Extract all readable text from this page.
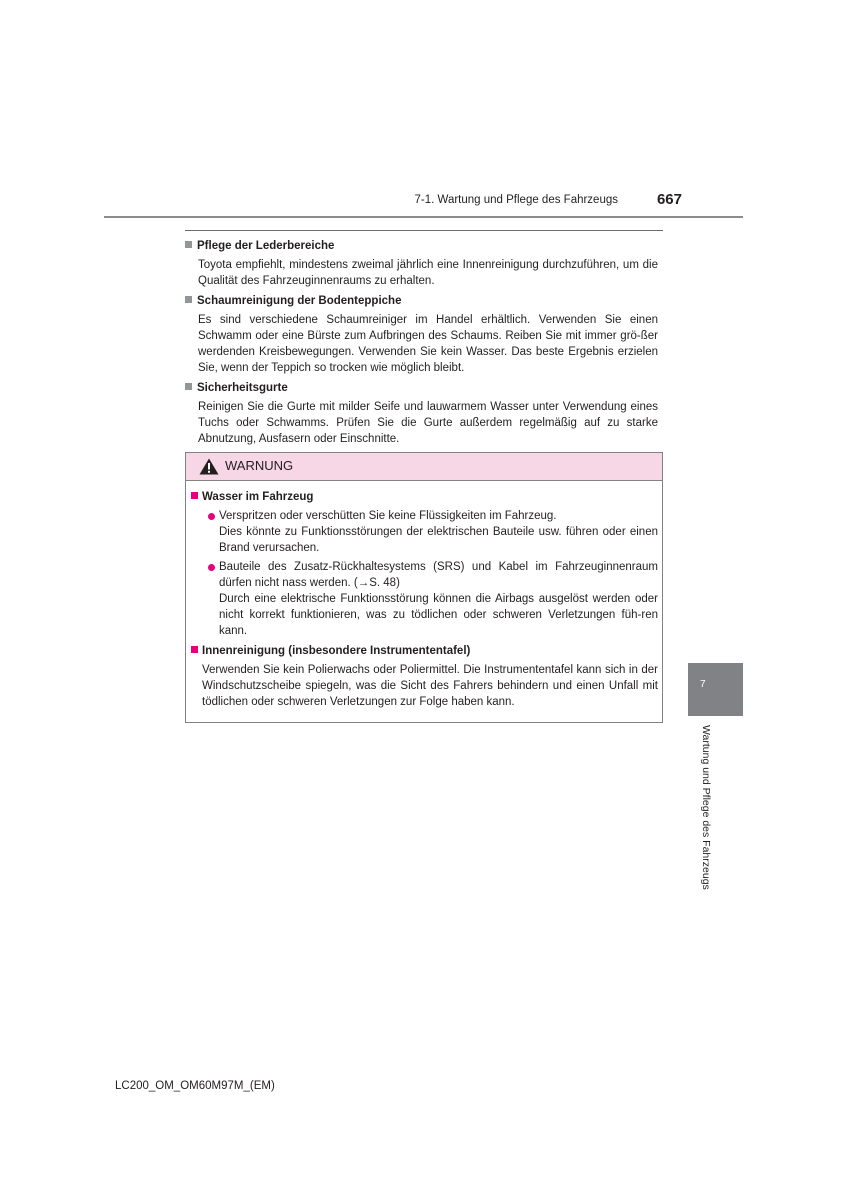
7-1. Wartung und Pflege des Fahrzeugs	667

Pflege der Lederbereiche

Toyota empfiehlt, mindestens zweimal jährlich eine Innenreinigung durchzuführen, um die Qualität des Fahrzeuginnenraums zu erhalten.

Schaumreinigung der Bodenteppiche

Es sind verschiedene Schaumreiniger im Handel erhältlich. Verwenden Sie einen Schwamm oder eine Bürste zum Aufbringen des Schaums. Reiben Sie mit immer grö-ßer werdenden Kreisbewegungen. Verwenden Sie kein Wasser. Das beste Ergebnis erzielen Sie, wenn der Teppich so trocken wie möglich bleibt.

Sicherheitsgurte

Reinigen Sie die Gurte mit milder Seife und lauwarmem Wasser unter Verwendung eines Tuchs oder Schwamms. Prüfen Sie die Gurte außerdem regelmäßig auf zu starke Abnutzung, Ausfasern oder Einschnitte.

WARNUNG

Wasser im Fahrzeug

Verspritzen oder verschütten Sie keine Flüssigkeiten im Fahrzeug.
Dies könnte zu Funktionsstörungen der elektrischen Bauteile usw. führen oder einen Brand verursachen.
Bauteile des Zusatz-Rückhaltesystems (SRS) und Kabel im Fahrzeuginnenraum dürfen nicht nass werden. (→S. 48)
Durch eine elektrische Funktionsstörung können die Airbags ausgelöst werden oder nicht korrekt funktionieren, was zu tödlichen oder schweren Verletzungen füh-ren kann.

Innenreinigung (insbesondere Instrumententafel)

Verwenden Sie kein Polierwachs oder Poliermittel. Die Instrumententafel kann sich in der Windschutzscheibe spiegeln, was die Sicht des Fahrers behindern und einen Unfall mit tödlichen oder schweren Verletzungen zur Folge haben kann.

7
Wartung und Pflege des Fahrzeugs
LC200_OM_OM60M97M_(EM)
